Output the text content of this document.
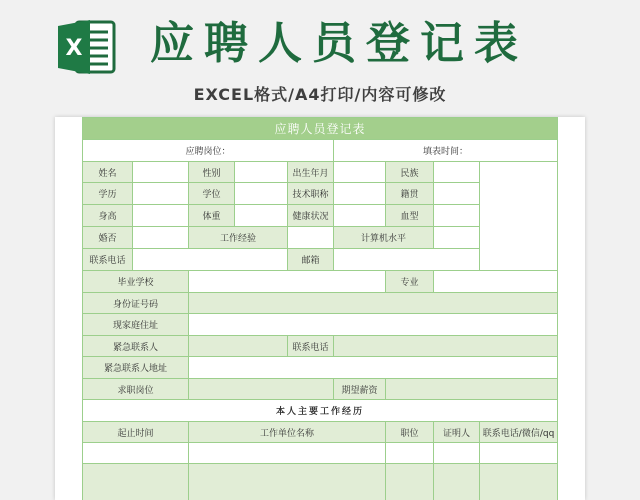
X 应聘人员登记表
EXCEL格式/A4打印/内容可修改
应聘人员登记表								
应聘岗位：					填表时间：			
姓名		性别		出生年月		民族		
学历		学位		技术职称		籍贯		
身高		体重		健康状况		血型		
婚否		工作经验			计算机水平			
联系电话				邮箱				
毕业学校						专业		
身份证号码								
现家庭住址								
紧急联系人				联系电话				
紧急联系人地址								
求职岗位					期望薪资			
本人主要工作经历								
起止时间		工作单位名称				职位	证明人	联系电话/微信/qq
